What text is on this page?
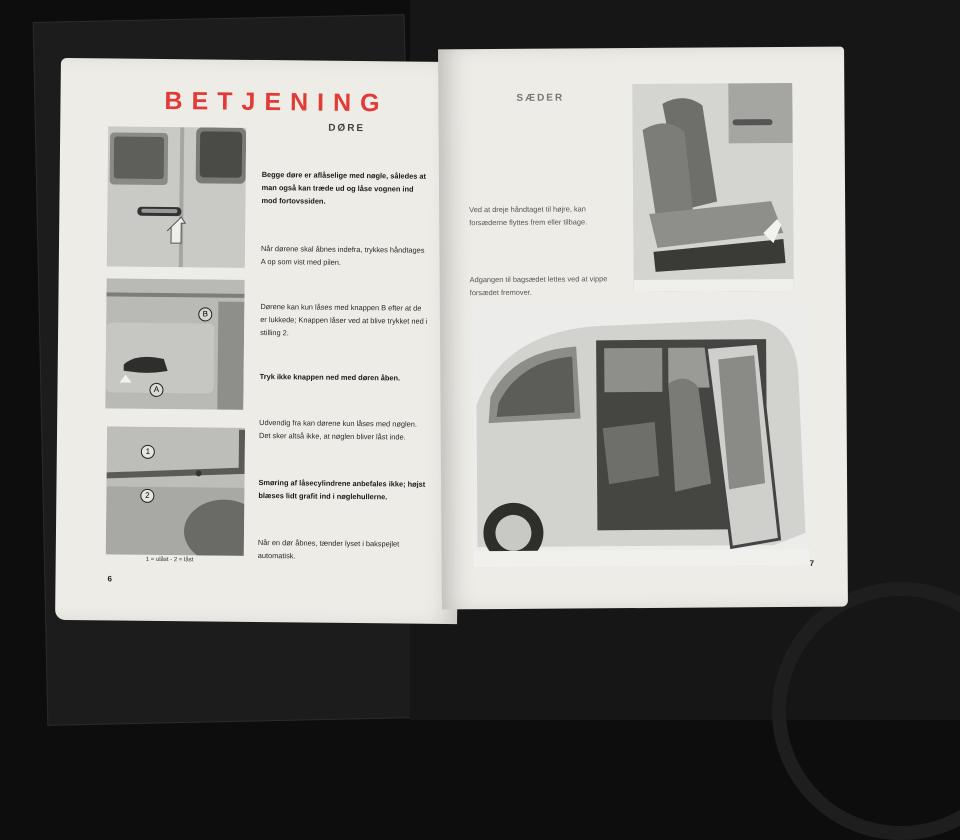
BETJENING
DØRE
B
A
1
2

1 = ulåst - 2 = låst

Begge døre er aflåselige med nøgle, således at man også kan træde ud og låse vognen ind mod fortovssiden.

Når dørene skal åbnes indefra, trykkes håndtages A op som vist med pilen.

Dørene kan kun låses med knappen B efter at de er lukkede; Knappen låser ved at blive trykket ned i stilling 2.

Tryk ikke knappen ned med døren åben.

Udvendig fra kan dørene kun låses med nøglen. Det sker altså ikke, at nøglen bliver låst inde.

Smøring af låsecylindrene anbefales ikke; højst blæses lidt grafit ind i nøglehullerne.

Når en dør åbnes, tænder lyset i bakspejlet automatisk.

6
SÆDER

Ved at dreje håndtaget til højre, kan forsæderne flyttes frem eller tilbage.

Adgangen til bagsædet lettes ved at vippe forsædet fremover.

7
